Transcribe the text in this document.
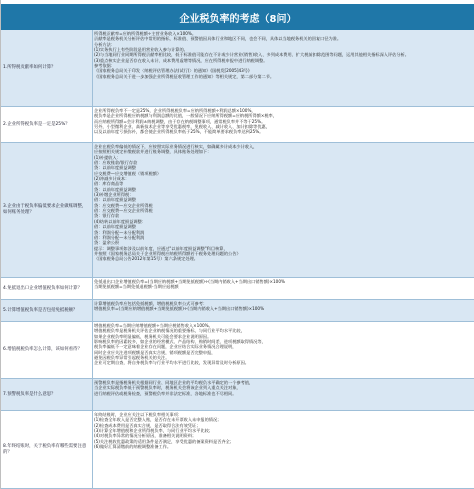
企业税负率的考虑（8问）
1.所得税贡献率如何计算？
所得税贡献率=应纳所得税额÷主营业务收入×100%。
贡献率是税务机关分析评估中常用的指标，标准值、预警值因具体行业和地区不同，也会不同，具体以当地税务机关的回复口径为准。
分析方法：
(1)实务执行上有些阶段是用营业收入参与计算的。
(2)与当地同行业同期所得税贡献率相比较，低于标准值可能存在不计或少计营业(销售)收入、多列成本费用、扩大税前扣除范围等问题，运用其他相关指标深入评估分析。
(3)重点核实企业是否存在收入未计、成本费用虚增等情况，应在所得税申报中进行纳税调整。
参考依据：
《国家税务总局关于印发〈纳税评估管理办法(试行)〉的通知》(国税发[2005]43号)
《国家税务总局关于进一步加强企业所得税征收管理工作的通知》等相关规定，第二部分第二节。
2.企业所得税负率是一定是25%？
企业所得税负率不一定是25%，企业所得税税负率=应纳所得税额÷利润总额×100%，
税负率是企业所得税应纳税额与利润总额的比值，一般情况下应纳所得税额=应纳税所得额×税率，
而应纳税所得额=会计利润±纳税调整，由于存在纳税调整事项，通常税负率并不等于25%。
另外，小型微利企业、高新技术企业等享受优惠税率，免税收入、减计收入、加计扣除等优惠，
以及以前年度亏损弥补，都会使企业所得税负率低于25%，不能简单要求税负率达到25%。
3.企业由于税负率偏低要求企业做账调整，如何账务处理？
企业在税负率偏低的情况下，应按照实际业务情况进行核实，如确属多计成本少计收入，
应按照相关规定补缴税款并进行账务调整，具体账务处理如下：
(1)补提收入：
借：应收账款/银行存款
贷：以前年度损益调整
应交税费—应交增值税（销项税额）
(2)冲减多计成本：
借：库存商品等
贷：以前年度损益调整
(3)补缴企业所得税：
借：以前年度损益调整
贷：应交税费—应交企业所得税
借：应交税费—应交企业所得税
贷：银行存款
(4)结转以前年度损益调整：
借：以前年度损益调整
贷：利润分配—未分配利润
借：利润分配—未分配利润
贷：盈余公积
提示：调整事项如涉及以前年度，应通过"以前年度损益调整"科目核算，
并按照《国家税务总局关于企业所得税应纳税所得额若干税务处理问题的公告》
（国家税务总局公告2012年第15号）第六条规定处理。
4.免抵退出口企业增值税负率如何计算？
免抵退出口企业增值税负率=(当期应纳税额+当期免抵税额)÷(当期内销收入+当期出口销售额)×100%
当期免抵税额=当期免抵退税额-当期应退税额
5.计算增值税负率是否包括免抵税额？
计算增值税负率应包括免抵税额，增值税税负率公式可参考：
增值税负率=(当期应纳增值税额+当期免抵税额)÷(当期内销收入+当期出口销售额)×100%
6.增值税税负率怎么计算，该如何看待？
增值税税负率=当期应纳增值税额÷当期应税销售收入×100%。
增值税税负率是税务机关评估企业纳税情况的重要指标，与同行业平均水平比较，
如果企业税负率明显偏低，税务机关可能会要求企业说明原因。
影响税负率的因素较多，如企业的经营模式、产品结构、购销时间差、进项税额取得情况等，
税负率偏低不一定意味着企业存在问题，企业应结合实际业务情况合理说明，
同时企业应关注进项税额是否真实合规，销项税额是否完整申报，
避免因税负率异常引起税务机关的关注。
企业可定期自查，将自身税负率与行业平均水平进行比较，发现异常及时分析原因。
7.预警税负率是什么意思？
预警税负率是指税务机关根据同行业、同地区企业的平均税负水平确定的一个参考值，
当企业实际税负率低于预警税负率时，税务机关会将该企业列入重点关注对象，
进行纳税评估或税务检查，预警税负率并非法定标准，各地标准也不尽相同。
8.年终结账时，关于税负率有哪些需要注意的？
年终结账时，企业应关注以下税负率相关事项：
(1)检查全年收入是否完整入账，是否存在未开票收入未申报的情况；
(2)检查成本费用是否真实合规，是否取得合法有效凭证；
(3)计算全年增值税和企业所得税负率，与同行业平均水平比较；
(4)对税负率异常的情况分析原因，准备相关说明资料；
(5)关注税收优惠政策的适用条件是否满足，享受优惠的备案资料是否齐全；
(6)做好汇算清缴前的纳税调整准备工作。
